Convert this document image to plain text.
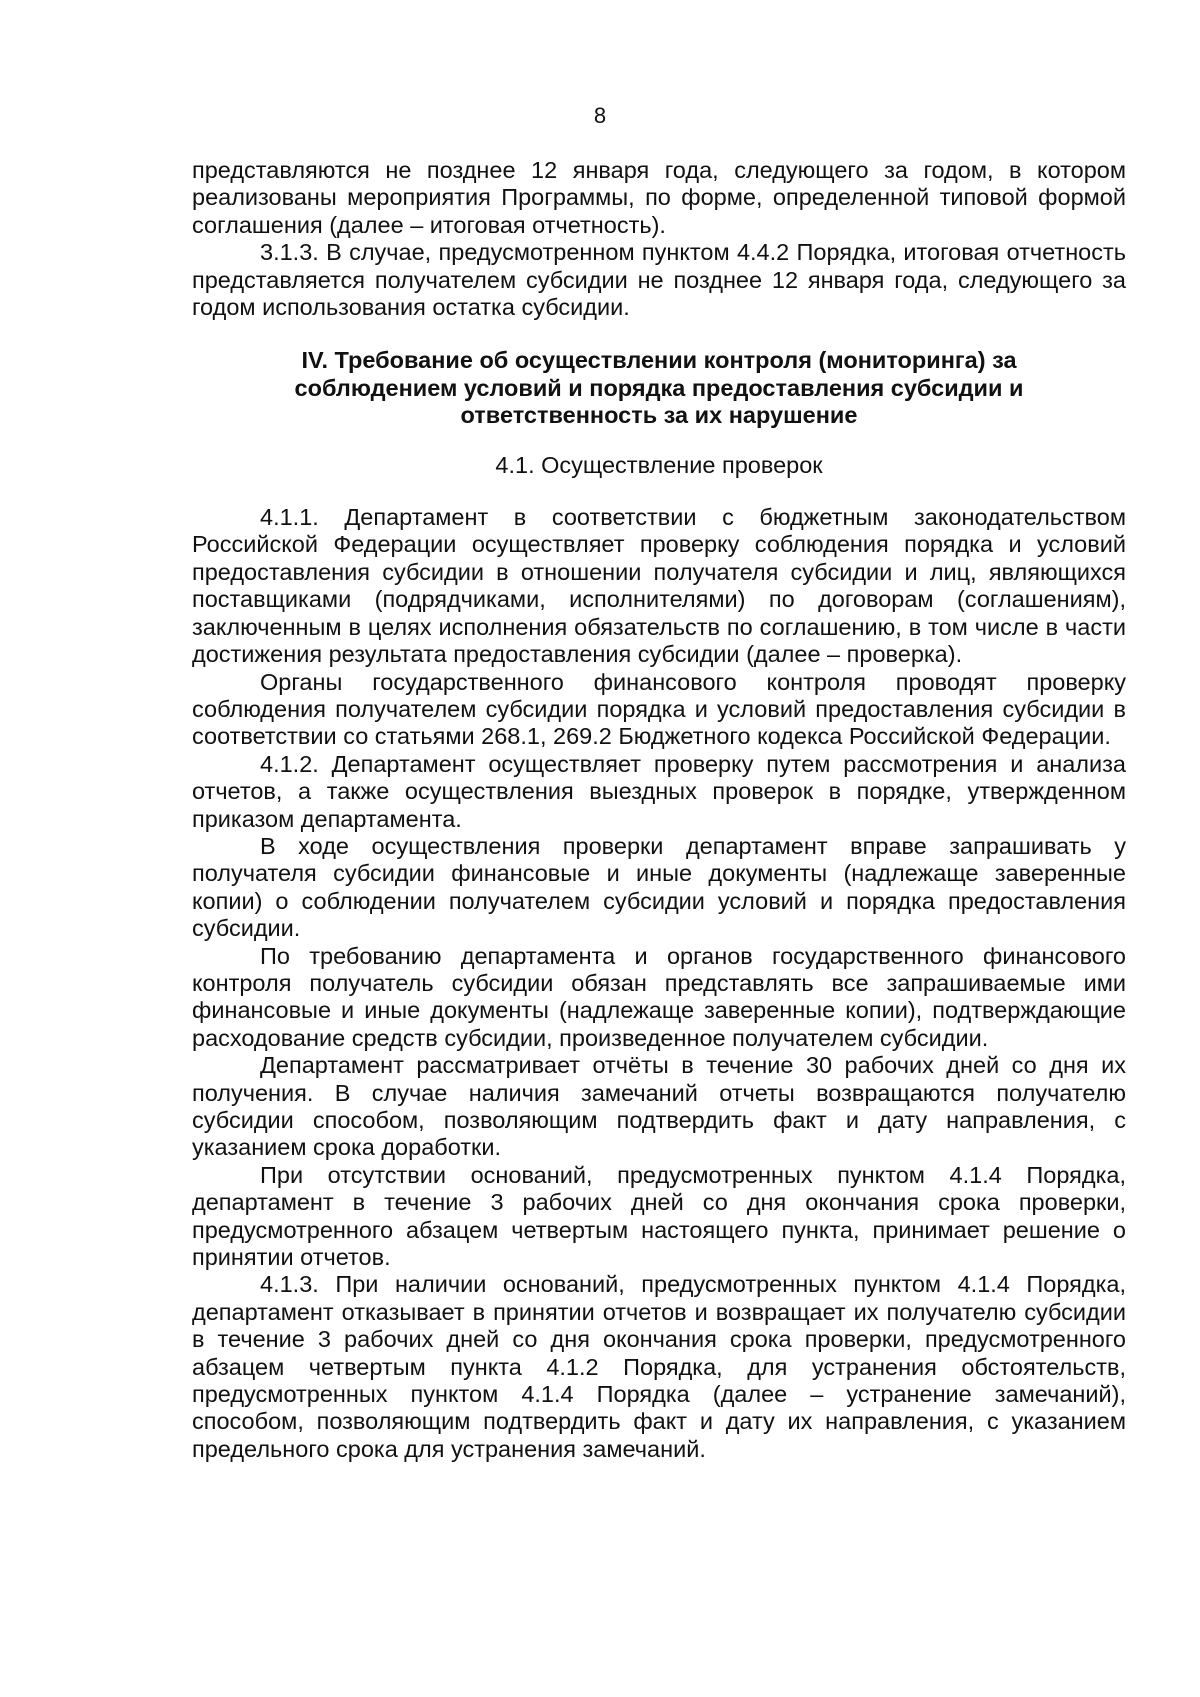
8

представляются не позднее 12 января года, следующего за годом, в котором реализованы мероприятия Программы, по форме, определенной типовой формой соглашения (далее – итоговая отчетность).

3.1.3. В случае, предусмотренном пунктом 4.4.2 Порядка, итоговая отчетность представляется получателем субсидии не позднее 12 января года, следующего за годом использования остатка субсидии.

IV. Требование об осуществлении контроля (мониторинга) за соблюдением условий и порядка предоставления субсидии и ответственность за их нарушение

4.1. Осуществление проверок

4.1.1. Департамент в соответствии с бюджетным законодательством Российской Федерации осуществляет проверку соблюдения порядка и условий предоставления субсидии в отношении получателя субсидии и лиц, являющихся поставщиками (подрядчиками, исполнителями) по договорам (соглашениям), заключенным в целях исполнения обязательств по соглашению, в том числе в части достижения результата предоставления субсидии (далее – проверка).

Органы государственного финансового контроля проводят проверку соблюдения получателем субсидии порядка и условий предоставления субсидии в соответствии со статьями 268.1, 269.2 Бюджетного кодекса Российской Федерации.

4.1.2. Департамент осуществляет проверку путем рассмотрения и анализа отчетов, а также осуществления выездных проверок в порядке, утвержденном приказом департамента.

В ходе осуществления проверки департамент вправе запрашивать у получателя субсидии финансовые и иные документы (надлежаще заверенные копии) о соблюдении получателем субсидии условий и порядка предоставления субсидии.

По требованию департамента и органов государственного финансового контроля получатель субсидии обязан представлять все запрашиваемые ими финансовые и иные документы (надлежаще заверенные копии), подтверждающие расходование средств субсидии, произведенное получателем субсидии.

Департамент рассматривает отчёты в течение 30 рабочих дней со дня их получения. В случае наличия замечаний отчеты возвращаются получателю субсидии способом, позволяющим подтвердить факт и дату направления, с указанием срока доработки.

При отсутствии оснований, предусмотренных пунктом 4.1.4 Порядка, департамент в течение 3 рабочих дней со дня окончания срока проверки, предусмотренного абзацем четвертым настоящего пункта, принимает решение о принятии отчетов.

4.1.3. При наличии оснований, предусмотренных пунктом 4.1.4 Порядка, департамент отказывает в принятии отчетов и возвращает их получателю субсидии в течение 3 рабочих дней со дня окончания срока проверки, предусмотренного абзацем четвертым пункта 4.1.2 Порядка, для устранения обстоятельств, предусмотренных пунктом 4.1.4 Порядка (далее – устранение замечаний), способом, позволяющим подтвердить факт и дату их направления, с указанием предельного срока для устранения замечаний.
